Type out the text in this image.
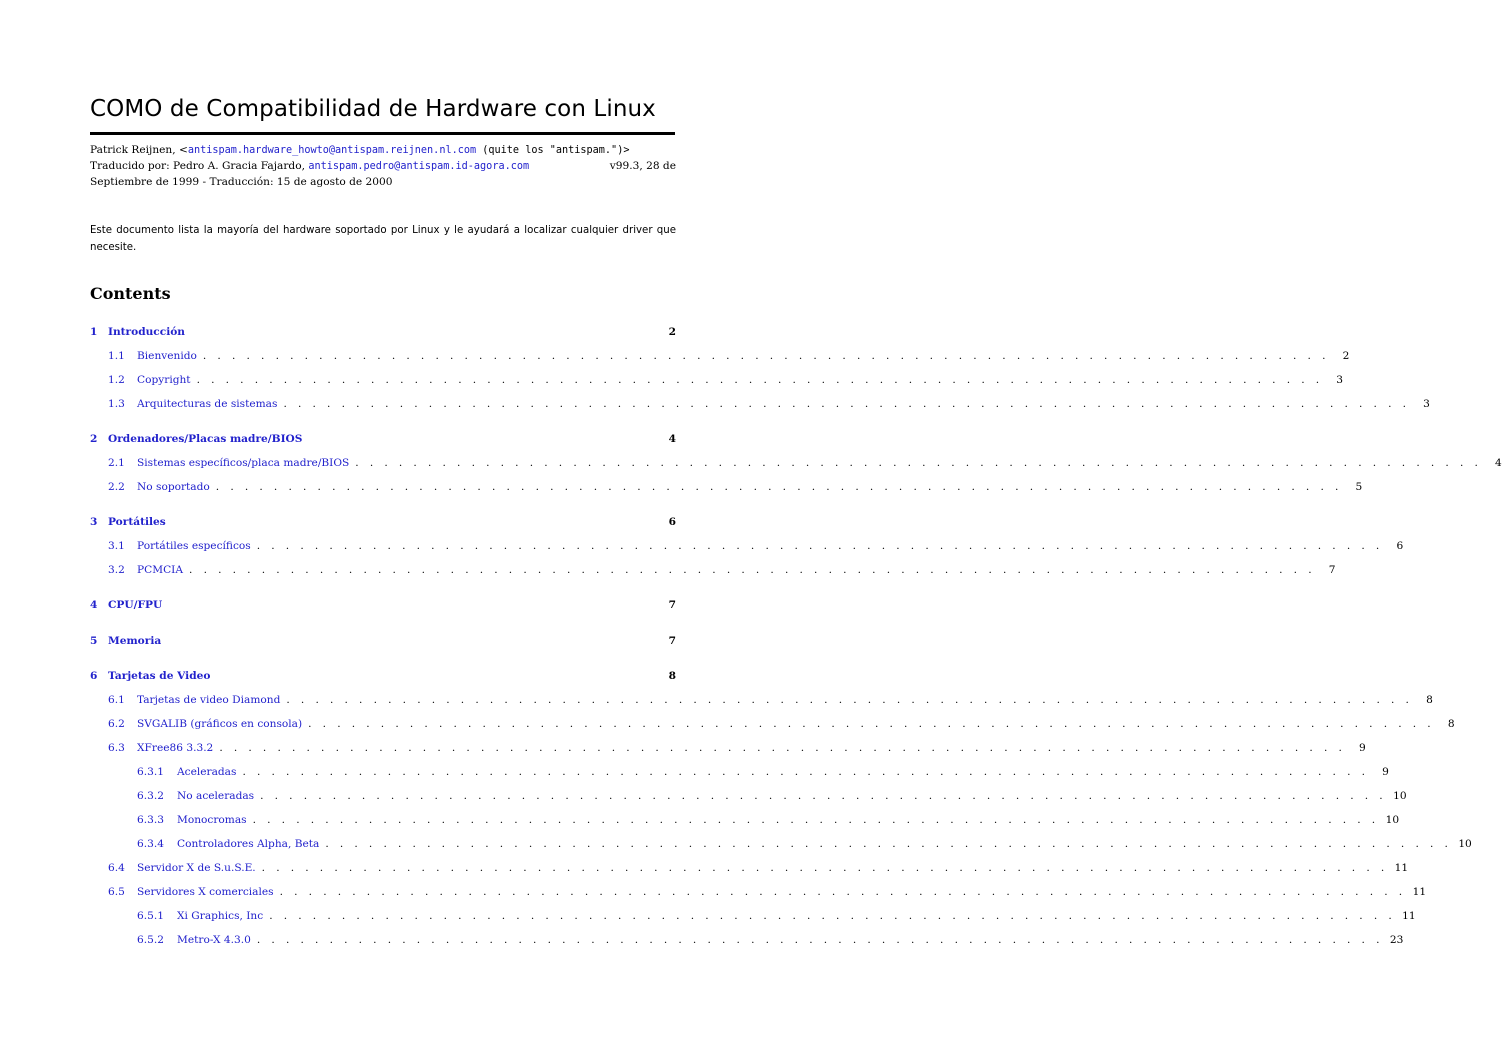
COMO de Compatibilidad de Hardware con Linux
Patrick Reijnen, <antispam.hardware_howto@antispam.reijnen.nl.com (quite los "antispam.")>
Traducido por: Pedro A. Gracia Fajardo, antispam.pedro@antispam.id-agora.com	v99.3, 28 de
Septiembre de 1999 - Traducción: 15 de agosto de 2000
Este documento lista la mayoría del hardware soportado por Linux y le ayudará a localizar cualquier driver que necesite.
Contents
1	Introducción	2
1.1	Bienvenido . . . . . . . . . . . . . . . . . . . . . . . . . . . . . . . . . . . . . . . . . . . . . . . . . . . . . . . . . . . . . . . . . . . . . . . . . . . . . .	2
1.2	Copyright . . . . . . . . . . . . . . . . . . . . . . . . . . . . . . . . . . . . . . . . . . . . . . . . . . . . . . . . . . . . . . . . . . . . . . . . . . . . . .	3
1.3	Arquitecturas de sistemas . . . . . . . . . . . . . . . . . . . . . . . . . . . . . . . . . . . . . . . . . . . . . . . . . . . . . . . . . . . . . . . . . . . . . . . . . . . . . .	3
2	Ordenadores/Placas madre/BIOS	4
2.1	Sistemas específicos/placa madre/BIOS . . . . . . . . . . . . . . . . . . . . . . . . . . . . . . . . . . . . . . . . . . . . . . . . . . . . . . . . . . . . . . . . . . . . . . . . . . . . . .	4
2.2	No soportado . . . . . . . . . . . . . . . . . . . . . . . . . . . . . . . . . . . . . . . . . . . . . . . . . . . . . . . . . . . . . . . . . . . . . . . . . . . . . .	5
3	Portátiles	6
3.1	Portátiles específicos . . . . . . . . . . . . . . . . . . . . . . . . . . . . . . . . . . . . . . . . . . . . . . . . . . . . . . . . . . . . . . . . . . . . . . . . . . . . . .	6
3.2	PCMCIA . . . . . . . . . . . . . . . . . . . . . . . . . . . . . . . . . . . . . . . . . . . . . . . . . . . . . . . . . . . . . . . . . . . . . . . . . . . . . .	7
4	CPU/FPU	7
5	Memoria	7
6	Tarjetas de Video	8
6.1	Tarjetas de video Diamond . . . . . . . . . . . . . . . . . . . . . . . . . . . . . . . . . . . . . . . . . . . . . . . . . . . . . . . . . . . . . . . . . . . . . . . . . . . . . .	8
6.2	SVGALIB (gráficos en consola) . . . . . . . . . . . . . . . . . . . . . . . . . . . . . . . . . . . . . . . . . . . . . . . . . . . . . . . . . . . . . . . . . . . . . . . . . . . . . .	8
6.3	XFree86 3.3.2 . . . . . . . . . . . . . . . . . . . . . . . . . . . . . . . . . . . . . . . . . . . . . . . . . . . . . . . . . . . . . . . . . . . . . . . . . . . . . .	9
6.3.1	Aceleradas . . . . . . . . . . . . . . . . . . . . . . . . . . . . . . . . . . . . . . . . . . . . . . . . . . . . . . . . . . . . . . . . . . . . . . . . . . . . . .	9
6.3.2	No aceleradas . . . . . . . . . . . . . . . . . . . . . . . . . . . . . . . . . . . . . . . . . . . . . . . . . . . . . . . . . . . . . . . . . . . . . . . . . . . . . . 10
6.3.3	Monocromas . . . . . . . . . . . . . . . . . . . . . . . . . . . . . . . . . . . . . . . . . . . . . . . . . . . . . . . . . . . . . . . . . . . . . . . . . . . . . . 10
6.3.4	Controladores Alpha, Beta . . . . . . . . . . . . . . . . . . . . . . . . . . . . . . . . . . . . . . . . . . . . . . . . . . . . . . . . . . . . . . . . . . . . . . . . . . . . . . 10
6.4	Servidor X de S.u.S.E. . . . . . . . . . . . . . . . . . . . . . . . . . . . . . . . . . . . . . . . . . . . . . . . . . . . . . . . . . . . . . . . . . . . . . . . . . . . . . . 11
6.5	Servidores X comerciales . . . . . . . . . . . . . . . . . . . . . . . . . . . . . . . . . . . . . . . . . . . . . . . . . . . . . . . . . . . . . . . . . . . . . . . . . . . . . . 11
6.5.1	Xi Graphics, Inc . . . . . . . . . . . . . . . . . . . . . . . . . . . . . . . . . . . . . . . . . . . . . . . . . . . . . . . . . . . . . . . . . . . . . . . . . . . . . . 11
6.5.2	Metro-X 4.3.0 . . . . . . . . . . . . . . . . . . . . . . . . . . . . . . . . . . . . . . . . . . . . . . . . . . . . . . . . . . . . . . . . . . . . . . . . . . . . . . 23
